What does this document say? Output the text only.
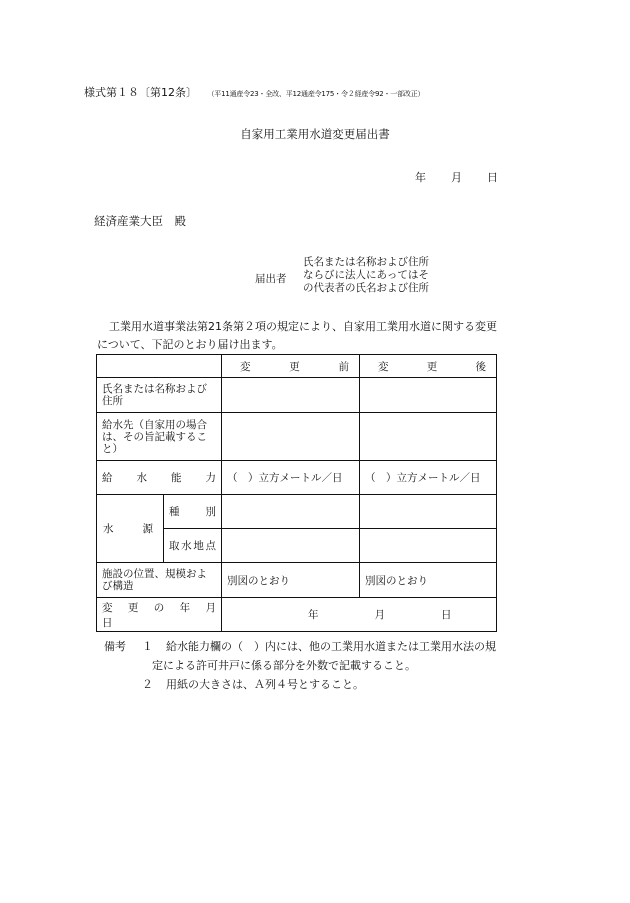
様式第１８〔第12条〕 （平11通産令23・全改、平12通産令175・令２経産令92・一部改正）
自家用工業用水道変更届出書
年 月 日
経済産業大臣　殿
届出者
氏名または名称および住所
ならびに法人にあってはそ
の代表者の氏名および住所
工業用水道事業法第21条第２項の規定により、自家用工業用水道に関する変更について、下記のとおり届け出ます。
		変　　更　　前	変　　更　　後
氏名または名称および住所			
給水先（自家用の場合は、その旨記載すること）			
給　　水　　能　　力		（　）立方メートル／日	（　）立方メートル／日
水　　源	種　　別		
	取水地点		
施設の位置、規模および構造		別図のとおり	別図のとおり
変　更　の　年　月　日		年 月 日	
備考 １ 給水能力欄の（　）内には、他の工業用水道または工業用水法の規
定による許可井戸に係る部分を外数で記載すること。
２ 用紙の大きさは、Ａ列４号とすること。
